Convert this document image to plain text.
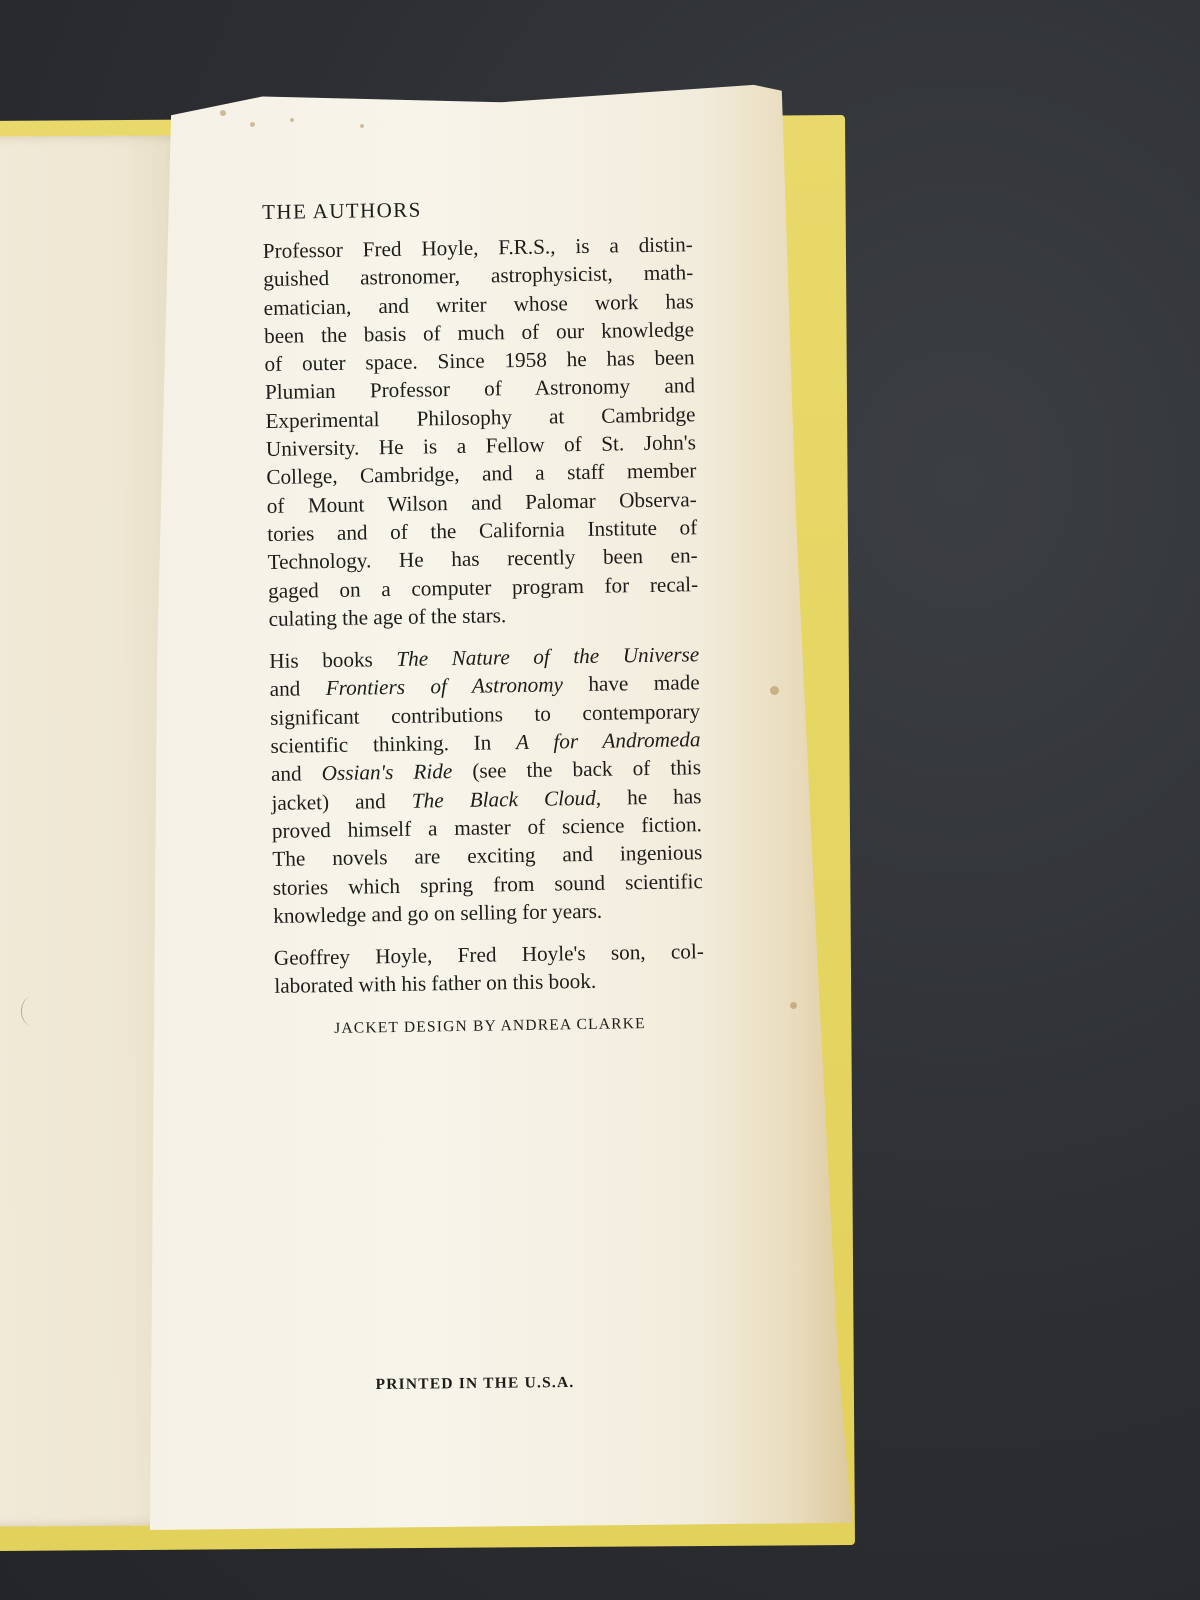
THE AUTHORS
Professor Fred Hoyle, F.R.S., is a distin-
guished astronomer, astrophysicist, math-
ematician, and writer whose work has
been the basis of much of our knowledge
of outer space. Since 1958 he has been
Plumian Professor of Astronomy and
Experimental Philosophy at Cambridge
University. He is a Fellow of St. John's
College, Cambridge, and a staff member
of Mount Wilson and Palomar Observa-
tories and of the California Institute of
Technology. He has recently been en-
gaged on a computer program for recal-
culating the age of the stars.
His books The Nature of the Universe
and Frontiers of Astronomy have made
significant contributions to contemporary
scientific thinking. In A for Andromeda
and Ossian's Ride (see the back of this
jacket) and The Black Cloud, he has
proved himself a master of science fiction.
The novels are exciting and ingenious
stories which spring from sound scientific
knowledge and go on selling for years.
Geoffrey Hoyle, Fred Hoyle's son, col-
laborated with his father on this book.
JACKET DESIGN BY ANDREA CLARKE
PRINTED IN THE U.S.A.
